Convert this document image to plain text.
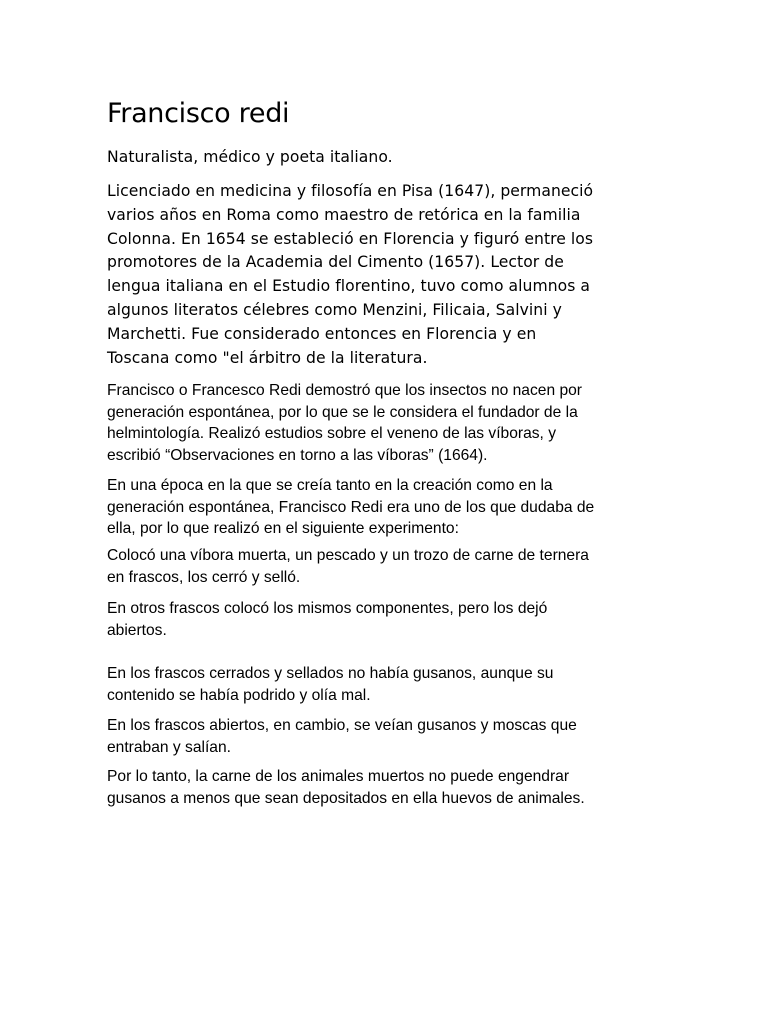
Francisco redi

Naturalista, médico y poeta italiano.

Licenciado en medicina y filosofía en Pisa (1647), permaneció
varios años en Roma como maestro de retórica en la familia
Colonna. En 1654 se estableció en Florencia y figuró entre los
promotores de la Academia del Cimento (1657). Lector de
lengua italiana en el Estudio florentino, tuvo como alumnos a
algunos literatos célebres como Menzini, Filicaia, Salvini y
Marchetti. Fue considerado entonces en Florencia y en
Toscana como "el árbitro de la literatura.

Francisco o Francesco Redi demostró que los insectos no nacen por
generación espontánea, por lo que se le considera el fundador de la
helmintología. Realizó estudios sobre el veneno de las víboras, y
escribió “Observaciones en torno a las víboras” (1664).

En una época en la que se creía tanto en la creación como en la
generación espontánea, Francisco Redi era uno de los que dudaba de
ella, por lo que realizó en el siguiente experimento:

Colocó una víbora muerta, un pescado y un trozo de carne de ternera
en frascos, los cerró y selló.

En otros frascos colocó los mismos componentes, pero los dejó
abiertos.

En los frascos cerrados y sellados no había gusanos, aunque su
contenido se había podrido y olía mal.

En los frascos abiertos, en cambio, se veían gusanos y moscas que
entraban y salían.

Por lo tanto, la carne de los animales muertos no puede engendrar
gusanos a menos que sean depositados en ella huevos de animales.
